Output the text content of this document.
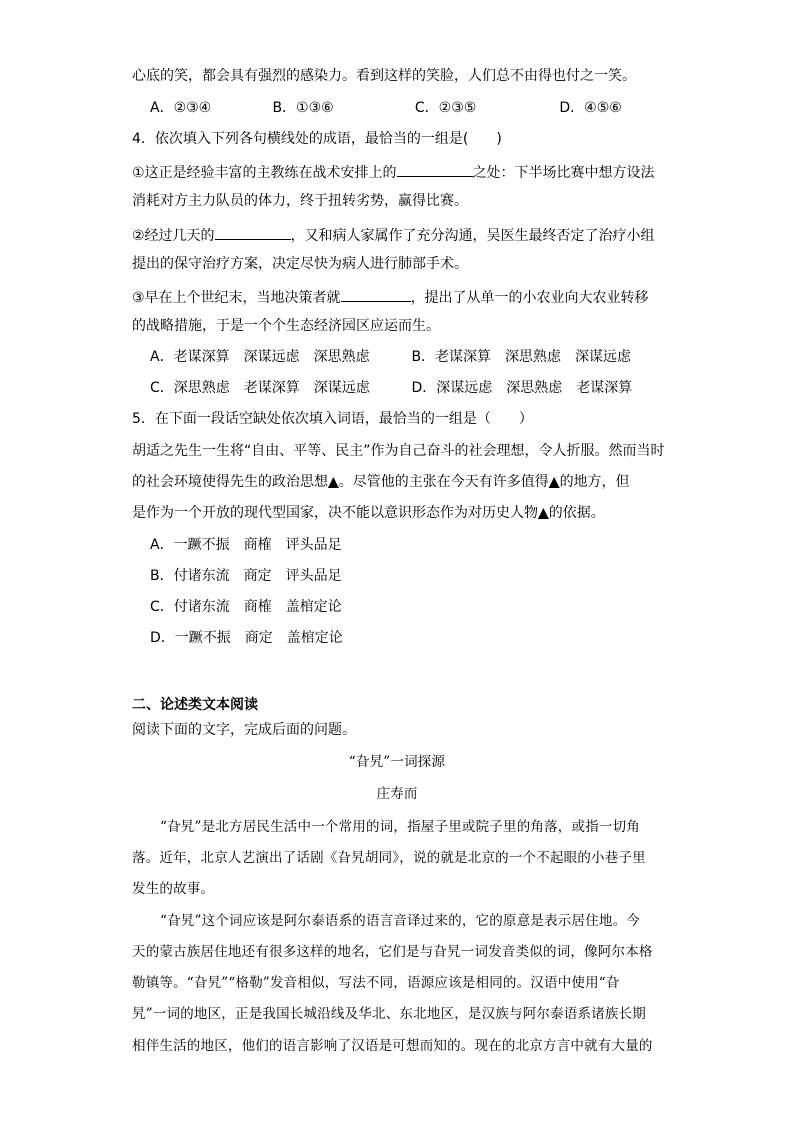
心底的笑，都会具有强烈的感染力。看到这样的笑脸，人们总不由得也付之一笑。
A．②③④	B．①③⑥	C．②③⑤	D．④⑤⑥
4．依次填入下列各句横线处的成语，最恰当的一组是(　　)
①这正是经验丰富的主教练在战术安排上的	之处：下半场比赛中想方设法
消耗对方主力队员的体力，终于扭转劣势，赢得比赛。
②经过几天的	，又和病人家属作了充分沟通，吴医生最终否定了治疗小组
提出的保守治疗方案，决定尽快为病人进行肺部手术。
③早在上个世纪末，当地决策者就	，提出了从单一的小农业向大农业转移
的战略措施，于是一个个生态经济园区应运而生。
A．老谋深算　深谋远虑　深思熟虑	B．老谋深算　深思熟虑　深谋远虑
C．深思熟虑　老谋深算　深谋远虑	D．深谋远虑　深思熟虑　老谋深算
5．在下面一段话空缺处依次填入词语，最恰当的一组是（　　）
胡适之先生一生将“自由、平等、民主”作为自己奋斗的社会理想，令人折服。然而当时
的社会环境使得先生的政治思想▲。尽管他的主张在今天有许多值得▲的地方，但
是作为一个开放的现代型国家，决不能以意识形态作为对历史人物▲的依据。
A．一蹶不振　商榷　评头品足
B．付诸东流　商定　评头品足
C．付诸东流　商榷　盖棺定论
D．一蹶不振　商定　盖棺定论
二、论述类文本阅读
阅读下面的文字，完成后面的问题。
“旮旯”一词探源
庄寿而
“旮旯”是北方居民生活中一个常用的词，指屋子里或院子里的角落，或指一切角
落。近年，北京人艺演出了话剧《旮旯胡同》，说的就是北京的一个不起眼的小巷子里
发生的故事。
“旮旯”这个词应该是阿尔泰语系的语言音译过来的，它的原意是表示居住地。今
天的蒙古族居住地还有很多这样的地名，它们是与旮旯一词发音类似的词，像阿尔本格
勒镇等。“旮旯”“格勒”发音相似，写法不同，语源应该是相同的。汉语中使用“旮
旯”一词的地区，正是我国长城沿线及华北、东北地区，是汉族与阿尔泰语系诸族长期
相伴生活的地区，他们的语言影响了汉语是可想而知的。现在的北京方言中就有大量的
